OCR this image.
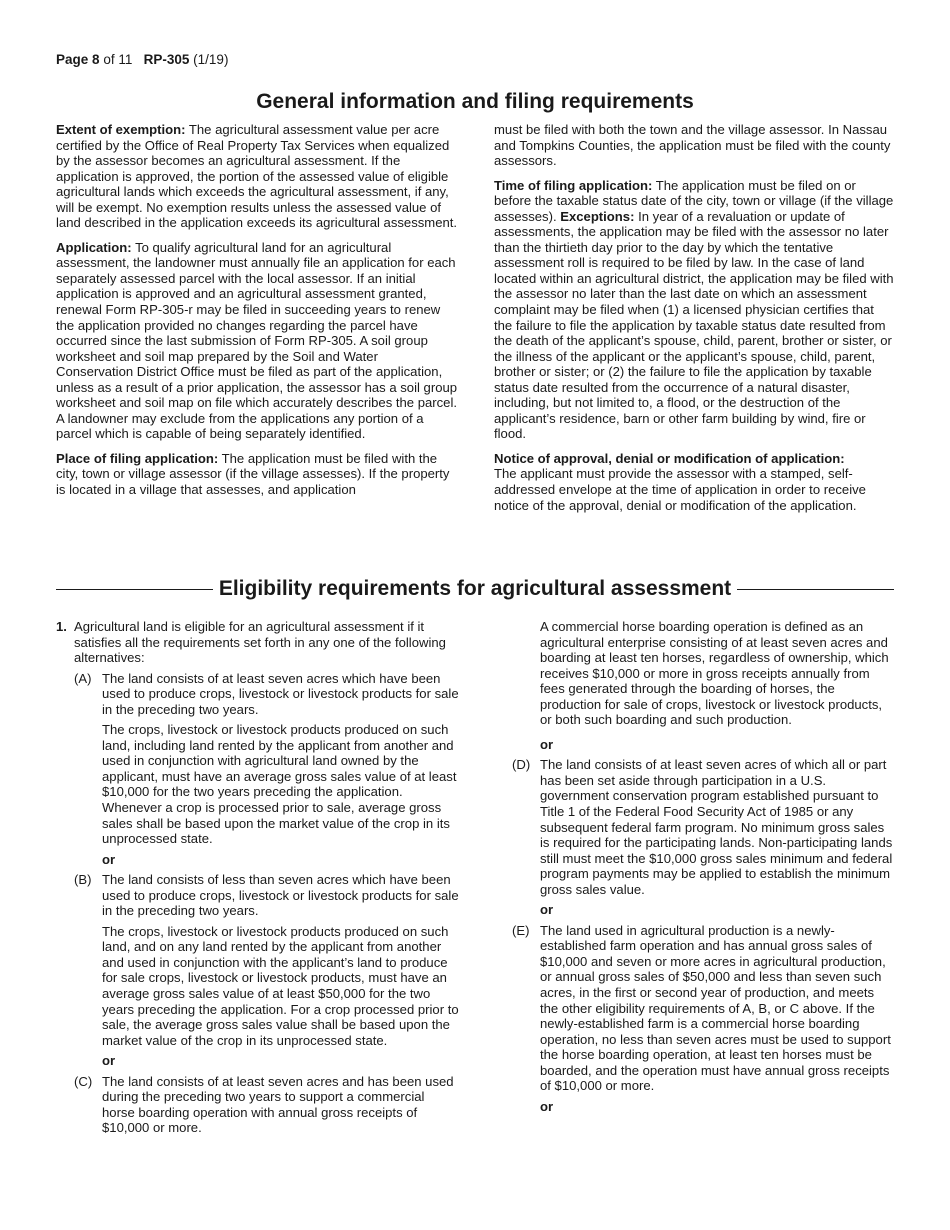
Page 8 of 11 RP-305 (1/19)
General information and filing requirements

Extent of exemption: The agricultural assessment value per acre certified by the Office of Real Property Tax Services when equalized by the assessor becomes an agricultural assessment. If the application is approved, the portion of the assessed value of eligible agricultural lands which exceeds the agricultural assessment, if any, will be exempt. No exemption results unless the assessed value of land described in the application exceeds its agricultural assessment.

Application: To qualify agricultural land for an agricultural assessment, the landowner must annually file an application for each separately assessed parcel with the local assessor. If an initial application is approved and an agricultural assessment granted, renewal Form RP-305-r may be filed in succeeding years to renew the application provided no changes regarding the parcel have occurred since the last submission of Form RP-305. A soil group worksheet and soil map prepared by the Soil and Water Conservation District Office must be filed as part of the application, unless as a result of a prior application, the assessor has a soil group worksheet and soil map on file which accurately describes the parcel. A landowner may exclude from the applications any portion of a parcel which is capable of being separately identified.

Place of filing application: The application must be filed with the city, town or village assessor (if the village assesses). If the property is located in a village that assesses, and application

must be filed with both the town and the village assessor. In Nassau and Tompkins Counties, the application must be filed with the county assessors.

Time of filing application: The application must be filed on or before the taxable status date of the city, town or village (if the village assesses). Exceptions: In year of a revaluation or update of assessments, the application may be filed with the assessor no later than the thirtieth day prior to the day by which the tentative assessment roll is required to be filed by law. In the case of land located within an agricultural district, the application may be filed with the assessor no later than the last date on which an assessment complaint may be filed when (1) a licensed physician certifies that the failure to file the application by taxable status date resulted from the death of the applicant’s spouse, child, parent, brother or sister, or the illness of the applicant or the applicant’s spouse, child, parent, brother or sister; or (2) the failure to file the application by taxable status date resulted from the occurrence of a natural disaster, including, but not limited to, a flood, or the destruction of the applicant’s residence, barn or other farm building by wind, fire or flood.

Notice of approval, denial or modification of application:
The applicant must provide the assessor with a stamped, self-addressed envelope at the time of application in order to receive notice of the approval, denial or modification of the application.

Eligibility requirements for agricultural assessment
1. Agricultural land is eligible for an agricultural assessment if it satisfies all the requirements set forth in any one of the following alternatives:
(A) The land consists of at least seven acres which have been used to produce crops, livestock or livestock products for sale in the preceding two years.

The crops, livestock or livestock products produced on such land, including land rented by the applicant from another and used in conjunction with agricultural land owned by the applicant, must have an average gross sales value of at least $10,000 for the two years preceding the application. Whenever a crop is processed prior to sale, average gross sales shall be based upon the market value of the crop in its unprocessed state.

or
(B) The land consists of less than seven acres which have been used to produce crops, livestock or livestock products for sale in the preceding two years.

The crops, livestock or livestock products produced on such land, and on any land rented by the applicant from another and used in conjunction with the applicant’s land to produce for sale crops, livestock or livestock products, must have an average gross sales value of at least $50,000 for the two years preceding the application. For a crop processed prior to sale, the average gross sales value shall be based upon the market value of the crop in its unprocessed state.

or
(C) The land consists of at least seven acres and has been used during the preceding two years to support a commercial horse boarding operation with annual gross receipts of $10,000 or more.

A commercial horse boarding operation is defined as an agricultural enterprise consisting of at least seven acres and boarding at least ten horses, regardless of ownership, which receives $10,000 or more in gross receipts annually from fees generated through the boarding of horses, the production for sale of crops, livestock or livestock products, or both such boarding and such production.

or
(D) The land consists of at least seven acres of which all or part has been set aside through participation in a U.S. government conservation program established pursuant to Title 1 of the Federal Food Security Act of 1985 or any subsequent federal farm program. No minimum gross sales is required for the participating lands. Non-participating lands still must meet the $10,000 gross sales minimum and federal program payments may be applied to establish the minimum gross sales value.

or
(E) The land used in agricultural production is a newly-established farm operation and has annual gross sales of $10,000 and seven or more acres in agricultural production, or annual gross sales of $50,000 and less than seven such acres, in the first or second year of production, and meets the other eligibility requirements of A, B, or C above. If the newly-established farm is a commercial horse boarding operation, no less than seven acres must be used to support the horse boarding operation, at least ten horses must be boarded, and the operation must have annual gross receipts of $10,000 or more.

or
